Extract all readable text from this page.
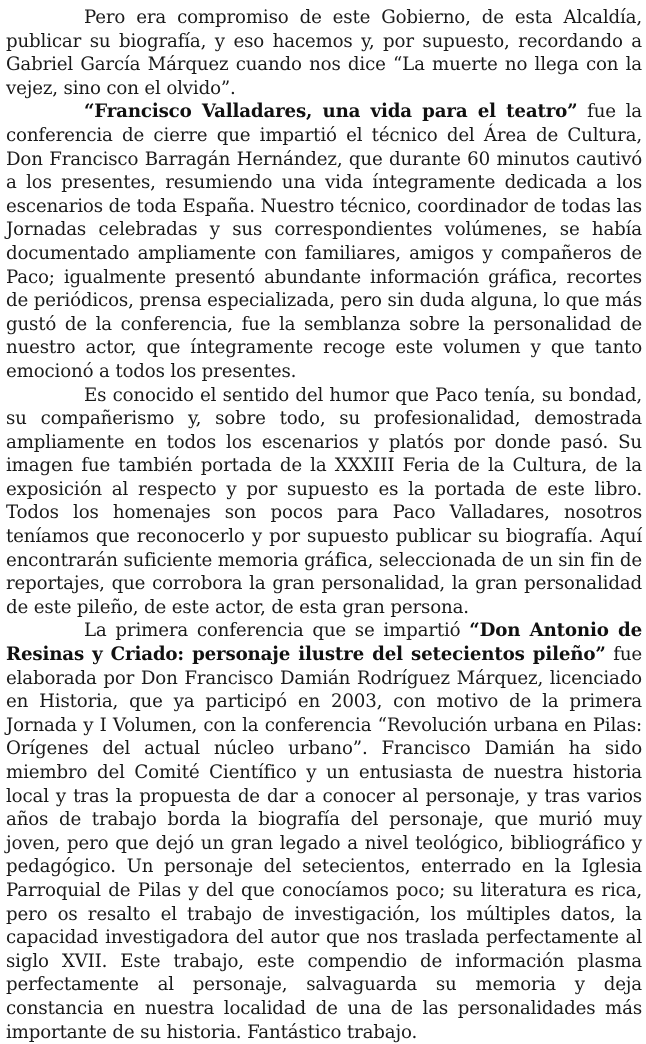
Pero era compromiso de este Gobierno, de esta Alcaldía, publicar su biografía, y eso hacemos y, por supuesto, recordando a Gabriel García Márquez cuando nos dice “La muerte no llega con la vejez, sino con el olvido”.

“Francisco Valladares, una vida para el teatro” fue la conferencia de cierre que impartió el técnico del Área de Cultura, Don Francisco Barragán Hernández, que durante 60 minutos cautivó a los presentes, resumiendo una vida íntegramente dedicada a los escenarios de toda España. Nuestro técnico, coordinador de todas las Jornadas celebradas y sus correspondientes volúmenes, se había documentado ampliamente con familiares, amigos y compañeros de Paco; igualmente presentó abundante información gráfica, recortes de periódicos, prensa especializada, pero sin duda alguna, lo que más gustó de la conferencia, fue la semblanza sobre la personalidad de nuestro actor, que íntegramente recoge este volumen y que tanto emocionó a todos los presentes.

Es conocido el sentido del humor que Paco tenía, su bondad, su compañerismo y, sobre todo, su profesionalidad, demostrada ampliamente en todos los escenarios y platós por donde pasó. Su imagen fue también portada de la XXXIII Feria de la Cultura, de la exposición al respecto y por supuesto es la portada de este libro. Todos los homenajes son pocos para Paco Valladares, nosotros teníamos que reconocerlo y por supuesto publicar su biografía. Aquí encontrarán suficiente memoria gráfica, seleccionada de un sin fin de reportajes, que corrobora la gran personalidad, la gran personalidad de este pileño, de este actor, de esta gran persona.

La primera conferencia que se impartió “Don Antonio de Resinas y Criado: personaje ilustre del setecientos pileño” fue elaborada por Don Francisco Damián Rodríguez Márquez, licenciado en Historia, que ya participó en 2003, con motivo de la primera Jornada y I Volumen, con la conferencia “Revolución urbana en Pilas: Orígenes del actual núcleo urbano”. Francisco Damián ha sido miembro del Comité Científico y un entusiasta de nuestra historia local y tras la propuesta de dar a conocer al personaje, y tras varios años de trabajo borda la biografía del personaje, que murió muy joven, pero que dejó un gran legado a nivel teológico, bibliográfico y pedagógico. Un personaje del setecientos, enterrado en la Iglesia Parroquial de Pilas y del que conocíamos poco; su literatura es rica, pero os resalto el trabajo de investigación, los múltiples datos, la capacidad investigadora del autor que nos traslada perfectamente al siglo XVII. Este trabajo, este compendio de información plasma perfectamente al personaje, salvaguarda su memoria y deja constancia en nuestra localidad de una de las personalidades más importante de su historia. Fantástico trabajo.
